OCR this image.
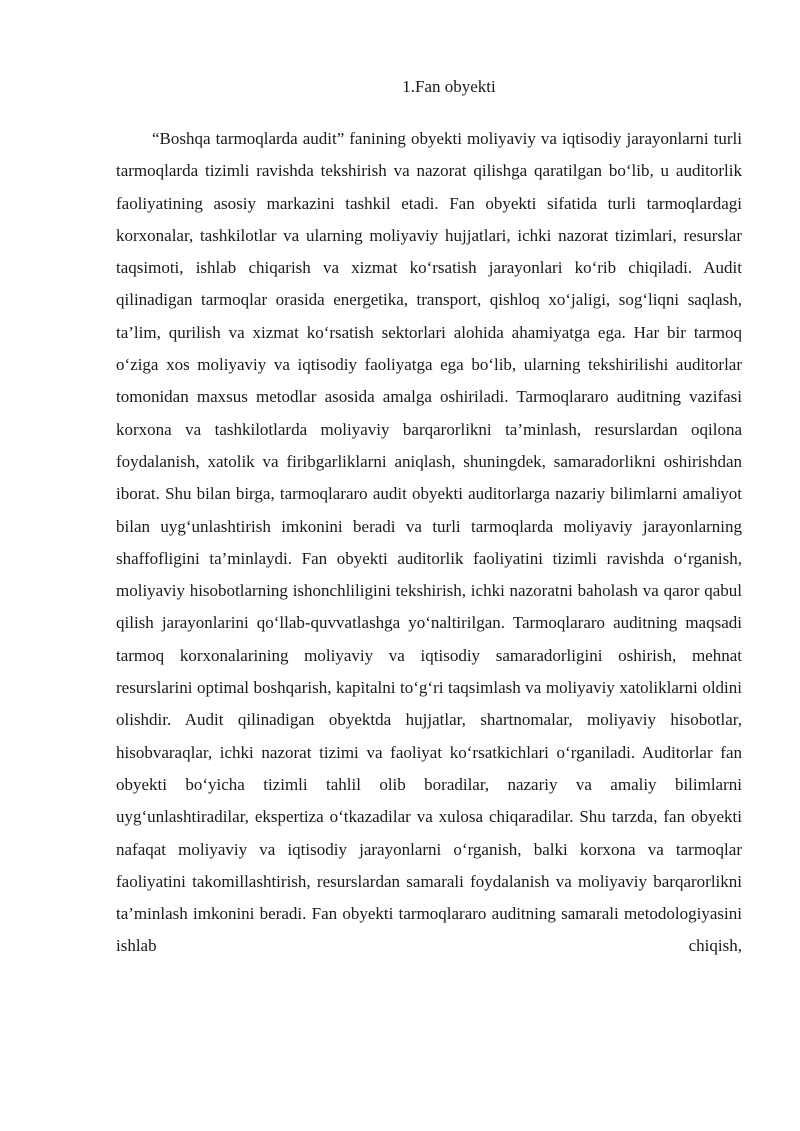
1.Fan obyekti

“Boshqa tarmoqlarda audit” fanining obyekti moliyaviy va iqtisodiy jarayonlarni turli tarmoqlarda tizimli ravishda tekshirish va nazorat qilishga qaratilgan bo‘lib, u auditorlik faoliyatining asosiy markazini tashkil etadi. Fan obyekti sifatida turli tarmoqlardagi korxonalar, tashkilotlar va ularning moliyaviy hujjatlari, ichki nazorat tizimlari, resurslar taqsimoti, ishlab chiqarish va xizmat ko‘rsatish jarayonlari ko‘rib chiqiladi. Audit qilinadigan tarmoqlar orasida energetika, transport, qishloq xo‘jaligi, sog‘liqni saqlash, ta’lim, qurilish va xizmat ko‘rsatish sektorlari alohida ahamiyatga ega. Har bir tarmoq o‘ziga xos moliyaviy va iqtisodiy faoliyatga ega bo‘lib, ularning tekshirilishi auditorlar tomonidan maxsus metodlar asosida amalga oshiriladi. Tarmoqlararo auditning vazifasi korxona va tashkilotlarda moliyaviy barqarorlikni ta’minlash, resurslardan oqilona foydalanish, xatolik va firibgarliklarni aniqlash, shuningdek, samaradorlikni oshirishdan iborat. Shu bilan birga, tarmoqlararo audit obyekti auditorlarga nazariy bilimlarni amaliyot bilan uyg‘unlashtirish imkonini beradi va turli tarmoqlarda moliyaviy jarayonlarning shaffofligini ta’minlaydi. Fan obyekti auditorlik faoliyatini tizimli ravishda o‘rganish, moliyaviy hisobotlarning ishonchliligini tekshirish, ichki nazoratni baholash va qaror qabul qilish jarayonlarini qo‘llab-quvvatlashga yo‘naltirilgan. Tarmoqlararo auditning maqsadi tarmoq korxonalarining moliyaviy va iqtisodiy samaradorligini oshirish, mehnat resurslarini optimal boshqarish, kapitalni to‘g‘ri taqsimlash va moliyaviy xatoliklarni oldini olishdir. Audit qilinadigan obyektda hujjatlar, shartnomalar, moliyaviy hisobotlar, hisobvaraqlar, ichki nazorat tizimi va faoliyat ko‘rsatkichlari o‘rganiladi. Auditorlar fan obyekti bo‘yicha tizimli tahlil olib boradilar, nazariy va amaliy bilimlarni uyg‘unlashtiradilar, ekspertiza o‘tkazadilar va xulosa chiqaradilar. Shu tarzda, fan obyekti nafaqat moliyaviy va iqtisodiy jarayonlarni o‘rganish, balki korxona va tarmoqlar faoliyatini takomillashtirish, resurslardan samarali foydalanish va moliyaviy barqarorlikni ta’minlash imkonini beradi. Fan obyekti tarmoqlararo auditning samarali metodologiyasini ishlab chiqish,
